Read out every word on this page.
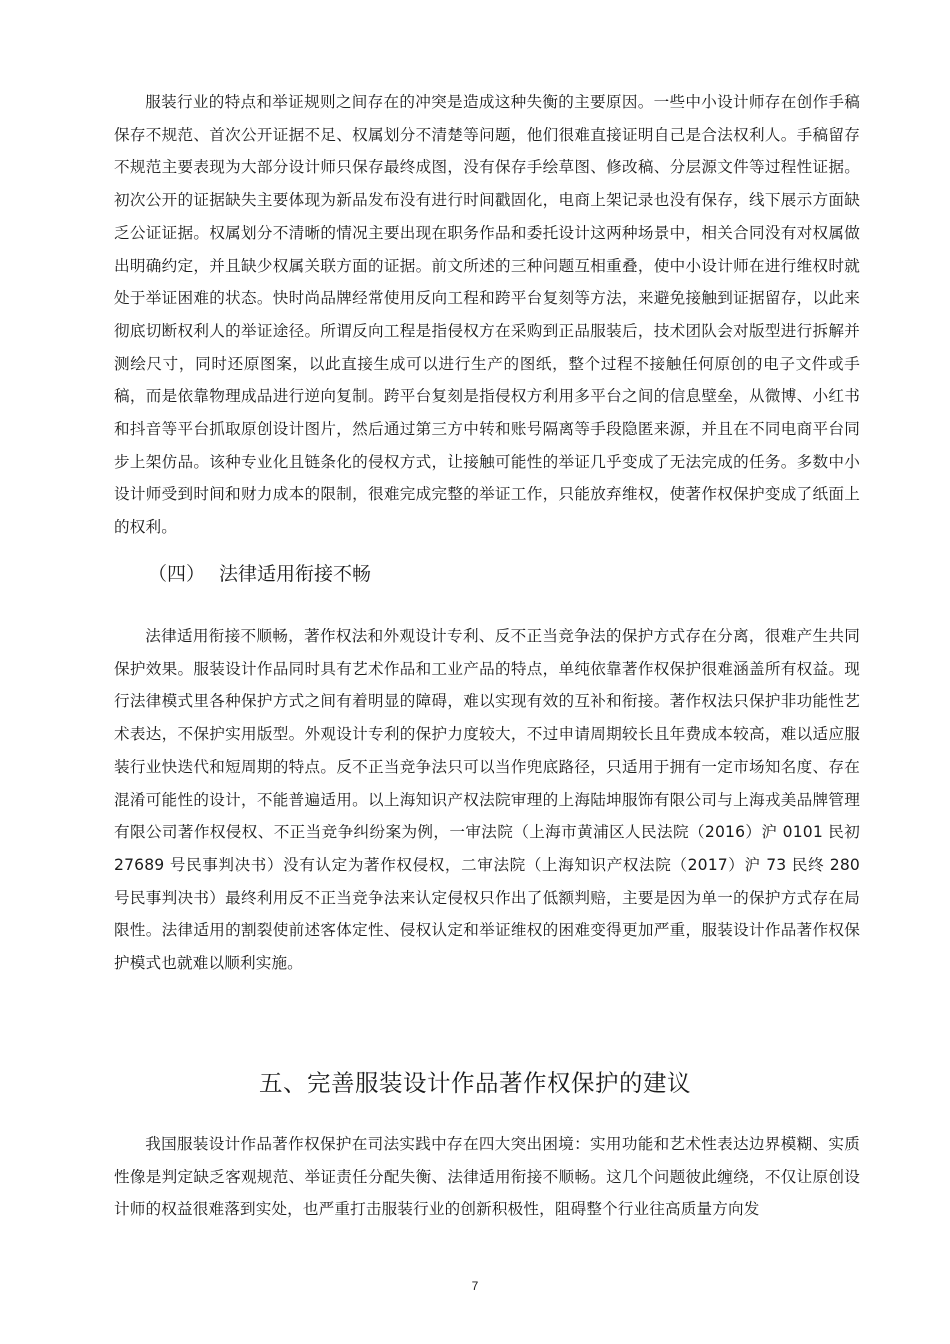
服装行业的特点和举证规则之间存在的冲突是造成这种失衡的主要原因。一些中小设计师存在创作手稿保存不规范、首次公开证据不足、权属划分不清楚等问题，他们很难直接证明自己是合法权利人。手稿留存不规范主要表现为大部分设计师只保存最终成图，没有保存手绘草图、修改稿、分层源文件等过程性证据。初次公开的证据缺失主要体现为新品发布没有进行时间戳固化，电商上架记录也没有保存，线下展示方面缺乏公证证据。权属划分不清晰的情况主要出现在职务作品和委托设计这两种场景中，相关合同没有对权属做出明确约定，并且缺少权属关联方面的证据。前文所述的三种问题互相重叠，使中小设计师在进行维权时就处于举证困难的状态。快时尚品牌经常使用反向工程和跨平台复刻等方法，来避免接触到证据留存，以此来彻底切断权利人的举证途径。所谓反向工程是指侵权方在采购到正品服装后，技术团队会对版型进行拆解并测绘尺寸，同时还原图案，以此直接生成可以进行生产的图纸，整个过程不接触任何原创的电子文件或手稿，而是依靠物理成品进行逆向复制。跨平台复刻是指侵权方利用多平台之间的信息壁垒，从微博、小红书和抖音等平台抓取原创设计图片，然后通过第三方中转和账号隔离等手段隐匿来源，并且在不同电商平台同步上架仿品。该种专业化且链条化的侵权方式，让接触可能性的举证几乎变成了无法完成的任务。多数中小设计师受到时间和财力成本的限制，很难完成完整的举证工作，只能放弃维权，使著作权保护变成了纸面上的权利。

（四） 法律适用衔接不畅

法律适用衔接不顺畅，著作权法和外观设计专利、反不正当竞争法的保护方式存在分离，很难产生共同保护效果。服装设计作品同时具有艺术作品和工业产品的特点，单纯依靠著作权保护很难涵盖所有权益。现行法律模式里各种保护方式之间有着明显的障碍，难以实现有效的互补和衔接。著作权法只保护非功能性艺术表达，不保护实用版型。外观设计专利的保护力度较大，不过申请周期较长且年费成本较高，难以适应服装行业快迭代和短周期的特点。反不正当竞争法只可以当作兜底路径，只适用于拥有一定市场知名度、存在混淆可能性的设计，不能普遍适用。以上海知识产权法院审理的上海陆坤服饰有限公司与上海戎美品牌管理有限公司著作权侵权、不正当竞争纠纷案为例，一审法院（上海市黄浦区人民法院（2016）沪 0101 民初 27689 号民事判决书）没有认定为著作权侵权，二审法院（上海知识产权法院（2017）沪 73 民终 280 号民事判决书）最终利用反不正当竞争法来认定侵权只作出了低额判赔，主要是因为单一的保护方式存在局限性。法律适用的割裂使前述客体定性、侵权认定和举证维权的困难变得更加严重，服装设计作品著作权保护模式也就难以顺利实施。

五、完善服装设计作品著作权保护的建议

我国服装设计作品著作权保护在司法实践中存在四大突出困境：实用功能和艺术性表达边界模糊、实质性像是判定缺乏客观规范、举证责任分配失衡、法律适用衔接不顺畅。这几个问题彼此缠绕，不仅让原创设计师的权益很难落到实处，也严重打击服装行业的创新积极性，阻碍整个行业往高质量方向发

7
